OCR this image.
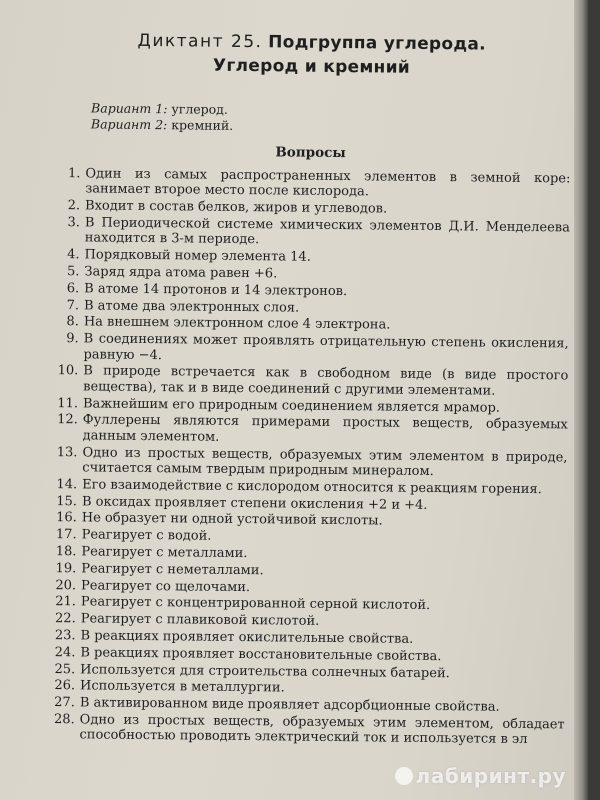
Диктант 25. Подгруппа углерода.
Углерод и кремний
Вариант 1: углерод.
Вариант 2: кремний.
Вопросы
1. Один из самых распространенных элементов в земной коре: занимает второе место после кислорода.
2. Входит в состав белков, жиров и углеводов.
3. В Периодической системе химических элементов Д.И. Менделеева находится в 3-м периоде.
4. Порядковый номер элемента 14.
5. Заряд ядра атома равен +6.
6. В атоме 14 протонов и 14 электронов.
7. В атоме два электронных слоя.
8. На внешнем электронном слое 4 электрона.
9. В соединениях может проявлять отрицательную степень окисления, равную −4.
10. В природе встречается как в свободном виде (в виде простого вещества), так и в виде соединений с другими элементами.
11. Важнейшим его природным соединением является мрамор.
12. Фуллерены являются примерами простых веществ, образуемых данным элементом.
13. Одно из простых веществ, образуемых этим элементом в природе, считается самым твердым природным минералом.
14. Его взаимодействие с кислородом относится к реакциям горения.
15. В оксидах проявляет степени окисления +2 и +4.
16. Не образует ни одной устойчивой кислоты.
17. Реагирует с водой.
18. Реагирует с металлами.
19. Реагирует с неметаллами.
20. Реагирует со щелочами.
21. Реагирует с концентрированной серной кислотой.
22. Реагирует с плавиковой кислотой.
23. В реакциях проявляет окислительные свойства.
24. В реакциях проявляет восстановительные свойства.
25. Используется для строительства солнечных батарей.
26. Используется в металлургии.
27. В активированном виде проявляет адсорбционные свойства.
28. Одно из простых веществ, образуемых этим элементом, обладает способностью проводить электрический ток и используется в эл
лабиринт.ру
